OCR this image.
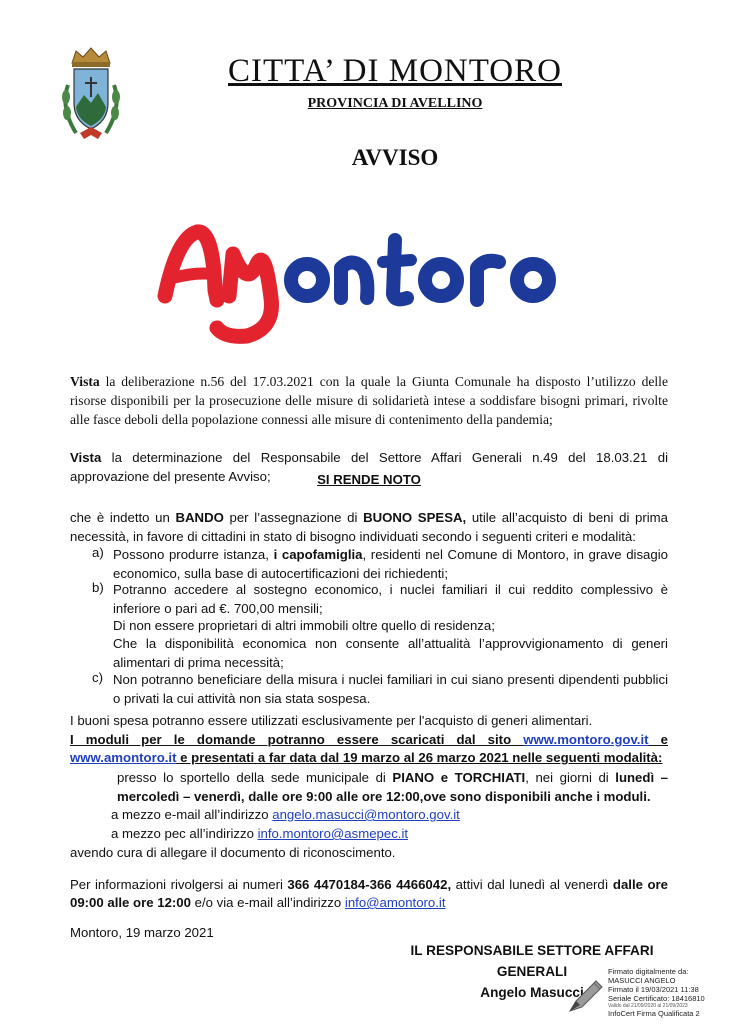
CITTA’ DI MONTORO
PROVINCIA DI AVELLINO
AVVISO
Vista la deliberazione n.56 del 17.03.2021 con la quale la Giunta Comunale ha disposto l’utilizzo delle risorse disponibili per la prosecuzione delle misure di solidarietà intese a soddisfare bisogni primari, rivolte alle fasce deboli della popolazione connessi alle misure di contenimento della pandemia;
Vista la determinazione del Responsabile del Settore Affari Generali n.49 del 18.03.21 di approvazione del presente Avviso;	SI RENDE NOTO
che è indetto un BANDO per l’assegnazione di BUONO SPESA, utile all’acquisto di beni di prima necessità, in favore di cittadini in stato di bisogno individuati secondo i seguenti criteri e modalità:
a) Possono produrre istanza, i capofamiglia, residenti nel Comune di Montoro, in grave disagio economico, sulla base di autocertificazioni dei richiedenti;
b) Potranno accedere al sostegno economico, i nuclei familiari il cui reddito complessivo è inferiore o pari ad €. 700,00 mensili;
Di non essere proprietari di altri immobili oltre quello di residenza;
Che la disponibilità economica non consente all’attualità l’approvvigionamento di generi alimentari di prima necessità;
c) Non potranno beneficiare della misura i nuclei familiari in cui siano presenti dipendenti pubblici o privati la cui attività non sia stata sospesa.
I buoni spesa potranno essere utilizzati esclusivamente per l'acquisto di generi alimentari.
I moduli per le domande potranno essere scaricati dal sito www.montoro.gov.it e
www.amontoro.it e presentati a far data dal 19 marzo al 26 marzo 2021 nelle seguenti modalità:
presso lo sportello della sede municipale di PIANO e TORCHIATI, nei giorni di lunedì –
mercoledì – venerdì, dalle ore 9:00 alle ore 12:00,ove sono disponibili anche i moduli.
a mezzo e-mail all’indirizzo angelo.masucci@montoro.gov.it
a mezzo pec all’indirizzo info.montoro@asmepec.it
avendo cura di allegare il documento di riconoscimento.
Per informazioni rivolgersi ai numeri 366 4470184-366 4466042, attivi dal lunedì al venerdì dalle ore
09:00 alle ore 12:00 e/o via e-mail all’indirizzo info@amontoro.it
Montoro, 19 marzo 2021
IL RESPONSABILE SETTORE AFFARI GENERALI
Angelo Masucci
Firmato digitalmente da:
MASUCCI ANGELO
Firmato il 19/03/2021 11:38
Seriale Certificato: 18416810
Valido dal 21/09/2020 al 21/09/2023
InfoCert Firma Qualificata 2
